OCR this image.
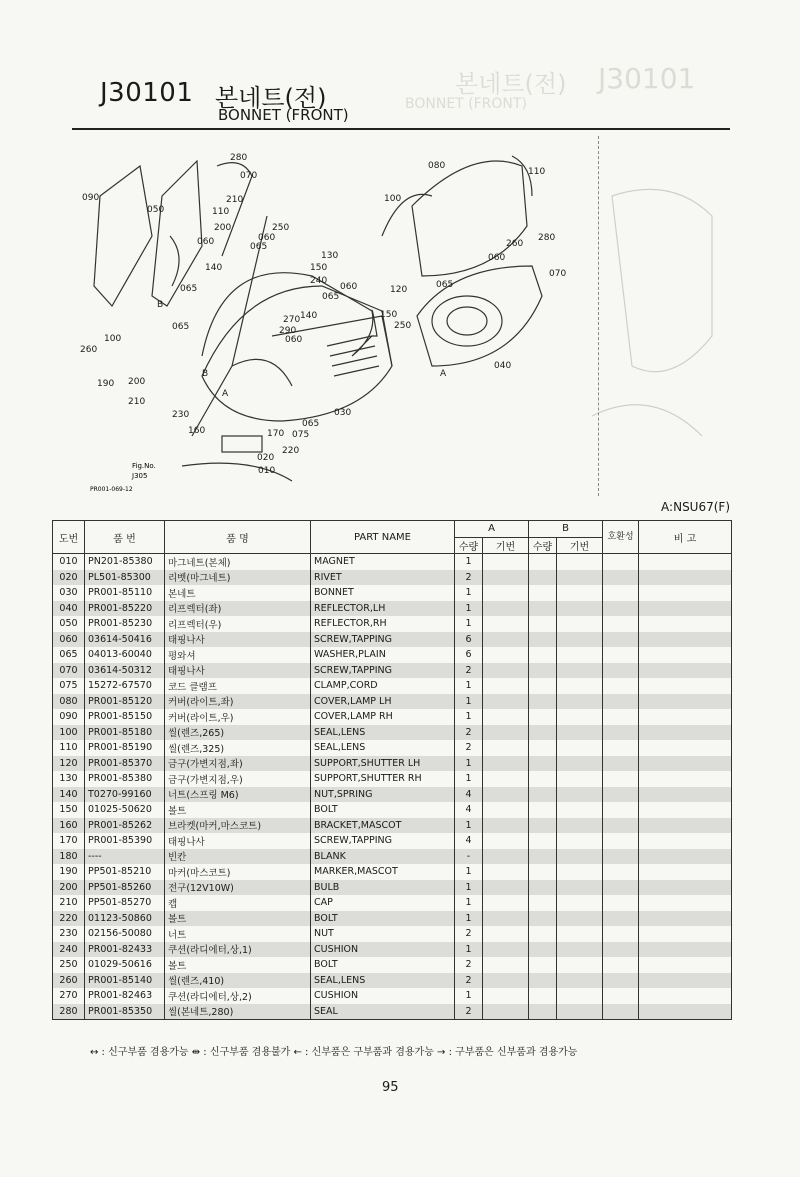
J30101
본네트(전)
BONNET (FRONT)
J30101 본네트(전)
BONNET (FRONT)
280
070
090
050	110
210
060
200	250
060
065
130
140	150
240
065	060
065
120
270
250
290
140	150
065
060
B
100
260
190 200
210
A
B
230
160	170 075
065
030
020
220
010
080
110
100
260
280
060
070
065
040
A
Fig.No.
J305
PR001-069-12
A:NSU67(F)
도번	품 번	품 명	PART NAME	A		B		호환성	비 고
				수량	기번	수량	기번		
010	PN201-85380	마그네트(본체)	MAGNET	1					
020	PL501-85300	리벳(마그네트)	RIVET	2					
030	PR001-85110	본네트	BONNET	1					
040	PR001-85220	리프렉터(좌)	REFLECTOR,LH	1					
050	PR001-85230	리프렉터(우)	REFLECTOR,RH	1					
060	03614-50416	태핑나사	SCREW,TAPPING	6					
065	04013-60040	평와셔	WASHER,PLAIN	6					
070	03614-50312	태핑나사	SCREW,TAPPING	2					
075	15272-67570	코드 클램프	CLAMP,CORD	1					
080	PR001-85120	커버(라이트,좌)	COVER,LAMP LH	1					
090	PR001-85150	커버(라이트,우)	COVER,LAMP RH	1					
100	PR001-85180	씰(렌즈,265)	SEAL,LENS	2					
110	PR001-85190	씰(렌즈,325)	SEAL,LENS	2					
120	PR001-85370	금구(가변지점,좌)	SUPPORT,SHUTTER LH	1					
130	PR001-85380	금구(가변지점,우)	SUPPORT,SHUTTER RH	1					
140	T0270-99160	너트(스프링 M6)	NUT,SPRING	4					
150	01025-50620	볼트	BOLT	4					
160	PR001-85262	브라켓(마커,마스코트)	BRACKET,MASCOT	1					
170	PR001-85390	태핑나사	SCREW,TAPPING	4					
180	----	빈칸	BLANK	-					
190	PP501-85210	마커(마스코트)	MARKER,MASCOT	1					
200	PP501-85260	전구(12V10W)	BULB	1					
210	PP501-85270	캡	CAP	1					
220	01123-50860	볼트	BOLT	1					
230	02156-50080	너트	NUT	2					
240	PR001-82433	쿠션(라디에터,상,1)	CUSHION	1					
250	01029-50616	볼트	BOLT	2					
260	PR001-85140	씰(렌즈,410)	SEAL,LENS	2					
270	PR001-82463	쿠션(라디에터,상,2)	CUSHION	1					
280	PR001-85350	씰(본네트,280)	SEAL	2					
↔ : 신구부품 겸용가능 ⇹ : 신구부품 겸용불가 ← : 신부품은 구부품과 겸용가능 → : 구부품은 신부품과 겸용가능
95
